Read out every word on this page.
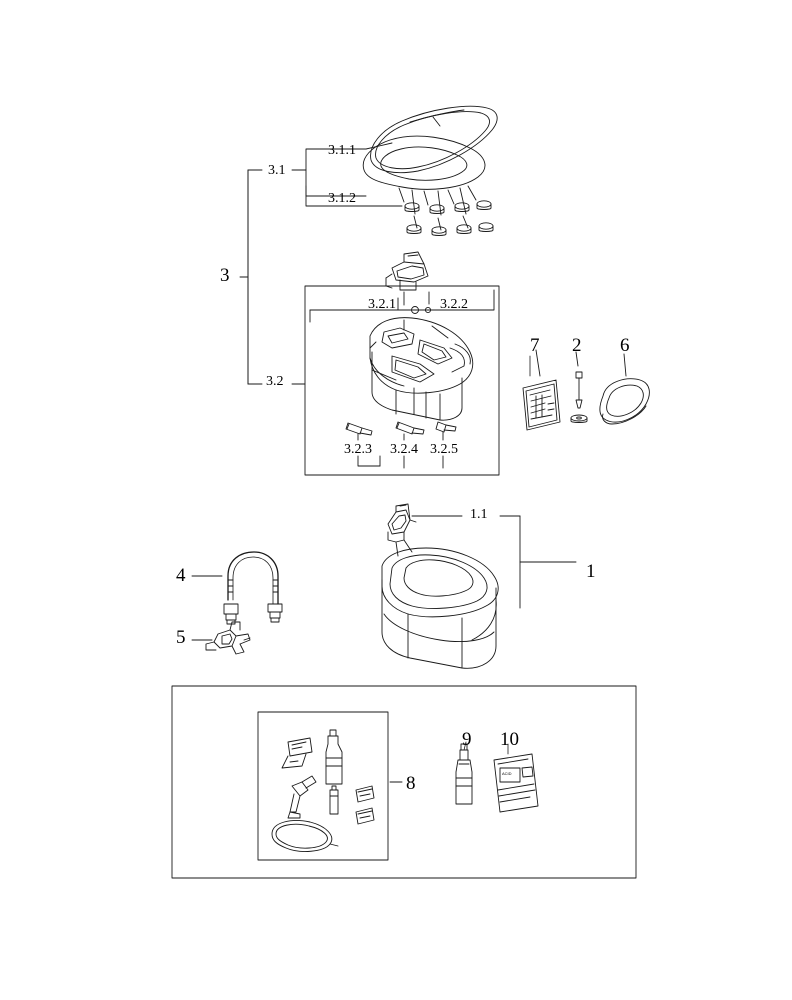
ACID
3
3.1
3.1.1
3.1.2
3.2
3.2.1	3.2.2
3.2.3 3.2.4 3.2.5
7 2 6
1
1.1
4
5
8
9 10
